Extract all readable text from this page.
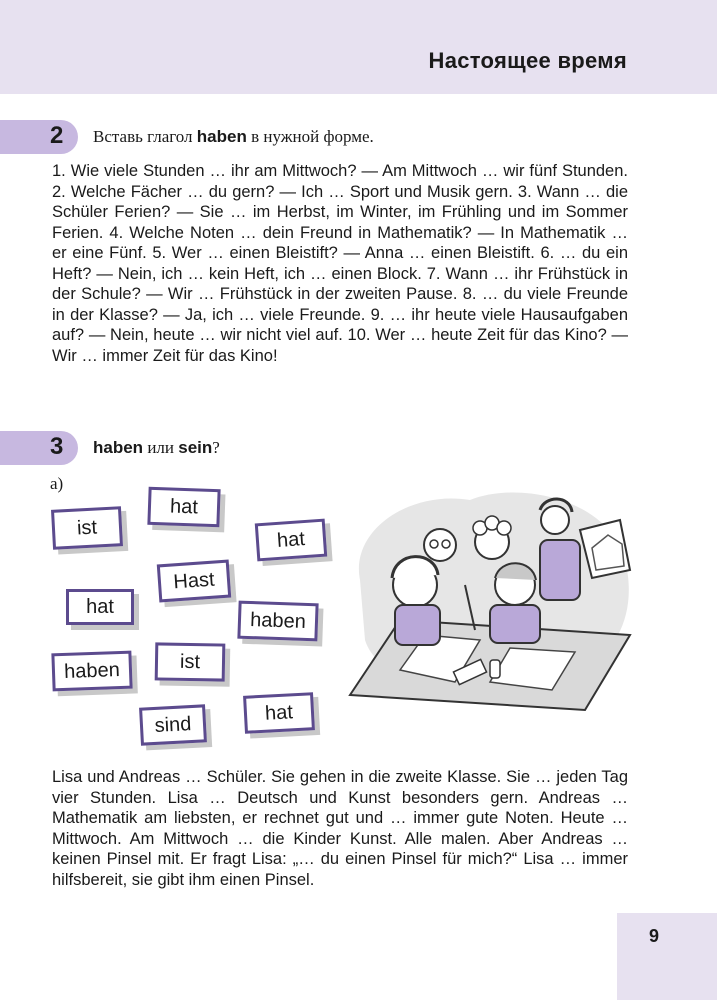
Настоящее время
2 Вставь глагол haben в нужной форме.
1. Wie viele Stunden … ihr am Mittwoch? — Am Mittwoch … wir fünf Stunden. 2. Welche Fächer … du gern? — Ich … Sport und Musik gern. 3. Wann … die Schüler Ferien? — Sie … im Herbst, im Winter, im Frühling und im Sommer Ferien. 4. Welche Noten … dein Freund in Mathematik? — In Mathematik … er eine Fünf. 5. Wer … einen Bleistift? — Anna … einen Bleistift. 6. … du ein Heft? — Nein, ich … kein Heft, ich … einen Block. 7. Wann … ihr Frühstück in der Schule? — Wir … Frühstück in der zweiten Pause. 8. … du viele Freunde in der Klasse? — Ja, ich … viele Freunde. 9. … ihr heute viele Hausaufgaben auf? — Nein, heute … wir nicht viel auf. 10. Wer … heute Zeit für das Kino? — Wir … immer Zeit für das Kino!
3 haben или sein?
а)
ist
hat
hat
Hast
hat
haben
haben	ist
hat
sind
Lisa und Andreas … Schüler. Sie gehen in die zweite Klasse. Sie … jeden Tag vier Stunden. Lisa … Deutsch und Kunst besonders gern. Andreas … Mathematik am liebsten, er rechnet gut und … immer gute Noten. Heute … Mittwoch. Am Mittwoch … die Kinder Kunst. Alle malen. Aber Andreas … keinen Pinsel mit. Er fragt Lisa: „… du einen Pinsel für mich?“ Lisa … immer hilfsbereit, sie gibt ihm einen Pinsel.
9
